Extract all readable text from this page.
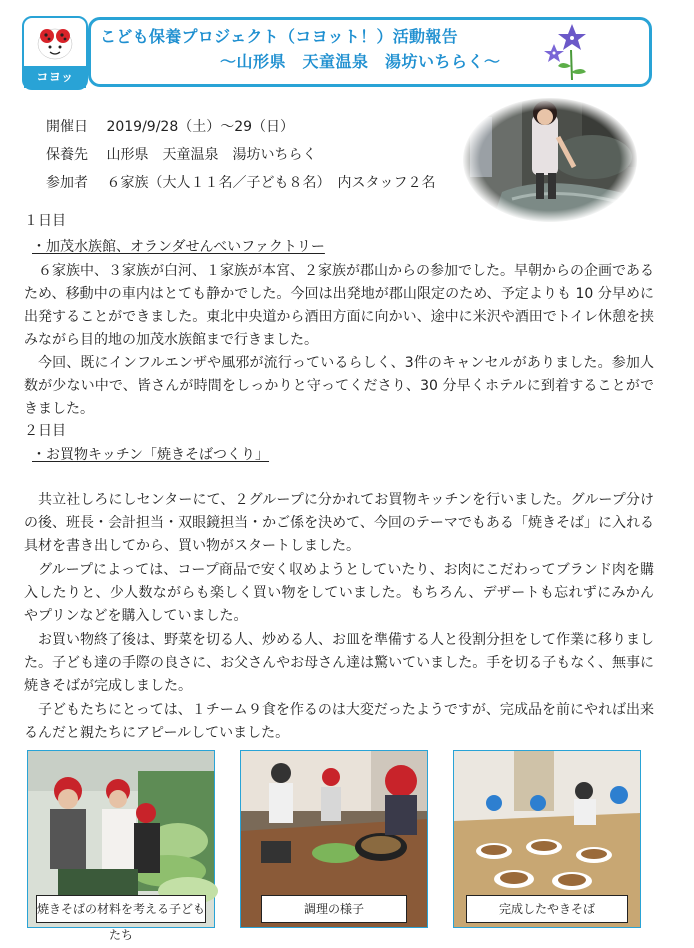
コヨット！
こども保養プロジェクト（コヨット！）活動報告
～山形県　天童温泉　湯坊いちらく～
開催日 2019/9/28（土）～29（日）
保養先 山形県　天童温泉　湯坊いちらく
参加者 ６家族（大人１１名／子ども８名）　内スタッフ２名
１日目
・加茂水族館、オランダせんべいファクトリー
６家族中、３家族が白河、１家族が本宮、２家族が郡山からの参加でした。早朝からの企画であるため、移動中の車内はとても静かでした。今回は出発地が郡山限定のため、予定よりも 10 分早めに出発することができました。東北中央道から酒田方面に向かい、途中に米沢や酒田でトイレ休憩を挟みながら目的地の加茂水族館まで行きました。
今回、既にインフルエンザや風邪が流行っているらしく、3件のキャンセルがありました。参加人数が少ない中で、皆さんが時間をしっかりと守ってくださり、30 分早くホテルに到着することができました。
２日目
・お買物キッチン「焼きそばつくり」
共立社しろにしセンターにて、２グループに分かれてお買物キッチンを行いました。グループ分けの後、班長・会計担当・双眼鏡担当・かご係を決めて、今回のテーマでもある「焼きそば」に入れる具材を書き出してから、買い物がスタートしました。
グループによっては、コープ商品で安く収めようとしていたり、お肉にこだわってブランド肉を購入したりと、少人数ながらも楽しく買い物をしていました。もちろん、デザートも忘れずにみかんやプリンなどを購入していました。
お買い物終了後は、野菜を切る人、炒める人、お皿を準備する人と役割分担をして作業に移りました。子ども達の手際の良さに、お父さんやお母さん達は驚いていました。手を切る子もなく、無事に焼きそばが完成しました。
子どもたちにとっては、１チーム９食を作るのは大変だったようですが、完成品を前にやれば出来るんだと親たちにアピールしていました。
焼きそばの材料を考える子どもたち
調理の様子	完成したやきそば
